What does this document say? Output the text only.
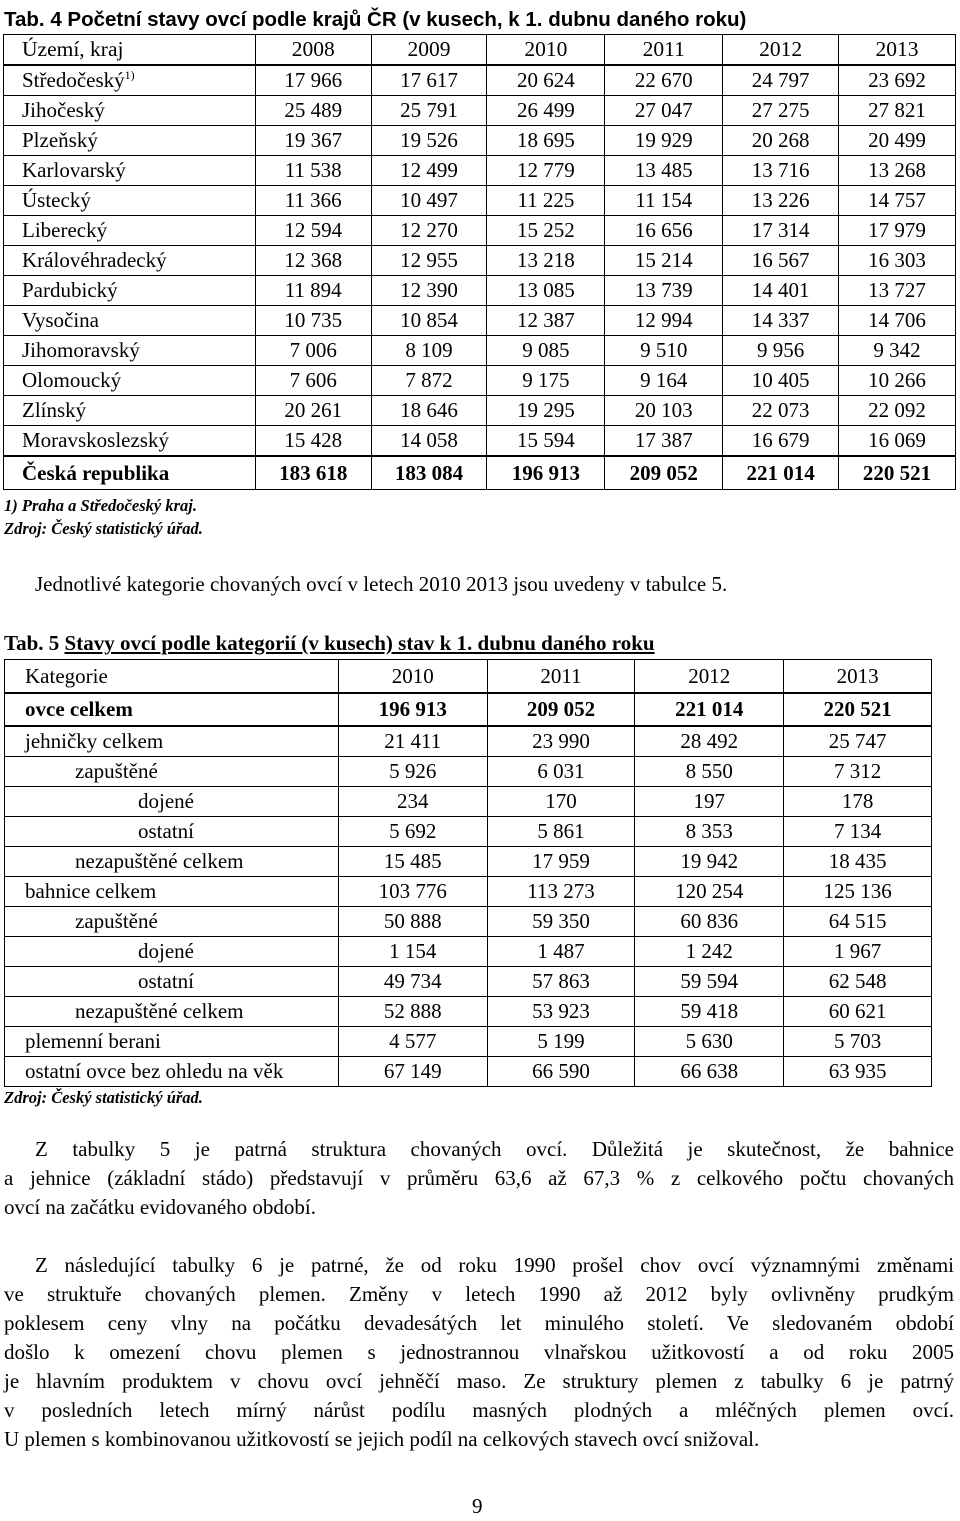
Tab. 4 Početní stavy ovcí podle krajů ČR (v kusech, k 1. dubnu daného roku)
Území, kraj	2008	2009	2010	2011	2012	2013
Středočeský$^{1)}$	17 966	17 617	20 624	22 670	24 797	23 692
Jihočeský	25 489	25 791	26 499	27 047	27 275	27 821
Plzeňský	19 367	19 526	18 695	19 929	20 268	20 499
Karlovarský	11 538	12 499	12 779	13 485	13 716	13 268
Ústecký	11 366	10 497	11 225	11 154	13 226	14 757
Liberecký	12 594	12 270	15 252	16 656	17 314	17 979
Královéhradecký	12 368	12 955	13 218	15 214	16 567	16 303
Pardubický	11 894	12 390	13 085	13 739	14 401	13 727
Vysočina	10 735	10 854	12 387	12 994	14 337	14 706
Jihomoravský	7 006	8 109	9 085	9 510	9 956	9 342
Olomoucký	7 606	7 872	9 175	9 164	10 405	10 266
Zlínský	20 261	18 646	19 295	20 103	22 073	22 092
Moravskoslezský	15 428	14 058	15 594	17 387	16 679	16 069
Česká republika	183 618	183 084	196 913	209 052	221 014	220 521
1) Praha a Středočeský kraj.
Zdroj: Český statistický úřad.
Jednotlivé kategorie chovaných ovcí v letech 2010 2013 jsou uvedeny v tabulce 5.
Tab. 5 Stavy ovcí podle kategorií (v kusech) stav k 1. dubnu daného roku
Kategorie	2010	2011	2012	2013
ovce celkem	196 913	209 052	221 014	220 521
jehničky celkem	21 411	23 990	28 492	25 747
zapuštěné	5 926	6 031	8 550	7 312
dojené	234	170	197	178
ostatní	5 692	5 861	8 353	7 134
nezapuštěné celkem	15 485	17 959	19 942	18 435
bahnice celkem	103 776	113 273	120 254	125 136
zapuštěné	50 888	59 350	60 836	64 515
dojené	1 154	1 487	1 242	1 967
ostatní	49 734	57 863	59 594	62 548
nezapuštěné celkem	52 888	53 923	59 418	60 621
plemenní berani	4 577	5 199	5 630	5 703
ostatní ovce bez ohledu na věk	67 149	66 590	66 638	63 935
Zdroj: Český statistický úřad.
Z tabulky 5 je patrná struktura chovaných ovcí. Důležitá je skutečnost, že bahnice
a jehnice (základní stádo) představují v průměru 63,6 až 67,3 % z celkového počtu chovaných
ovcí na začátku evidovaného období.
Z následující tabulky 6 je patrné, že od roku 1990 prošel chov ovcí významnými změnami
ve struktuře chovaných plemen. Změny v letech 1990 až 2012 byly ovlivněny prudkým
poklesem ceny vlny na počátku devadesátých let minulého století. Ve sledovaném období
došlo k omezení chovu plemen s jednostrannou vlnařskou užitkovostí a od roku 2005
je hlavním produktem v chovu ovcí jehněčí maso. Ze struktury plemen z tabulky 6 je patrný
v posledních letech mírný nárůst podílu masných plodných a mléčných plemen ovcí.
U plemen s kombinovanou užitkovostí se jejich podíl na celkových stavech ovcí snižoval.
9
